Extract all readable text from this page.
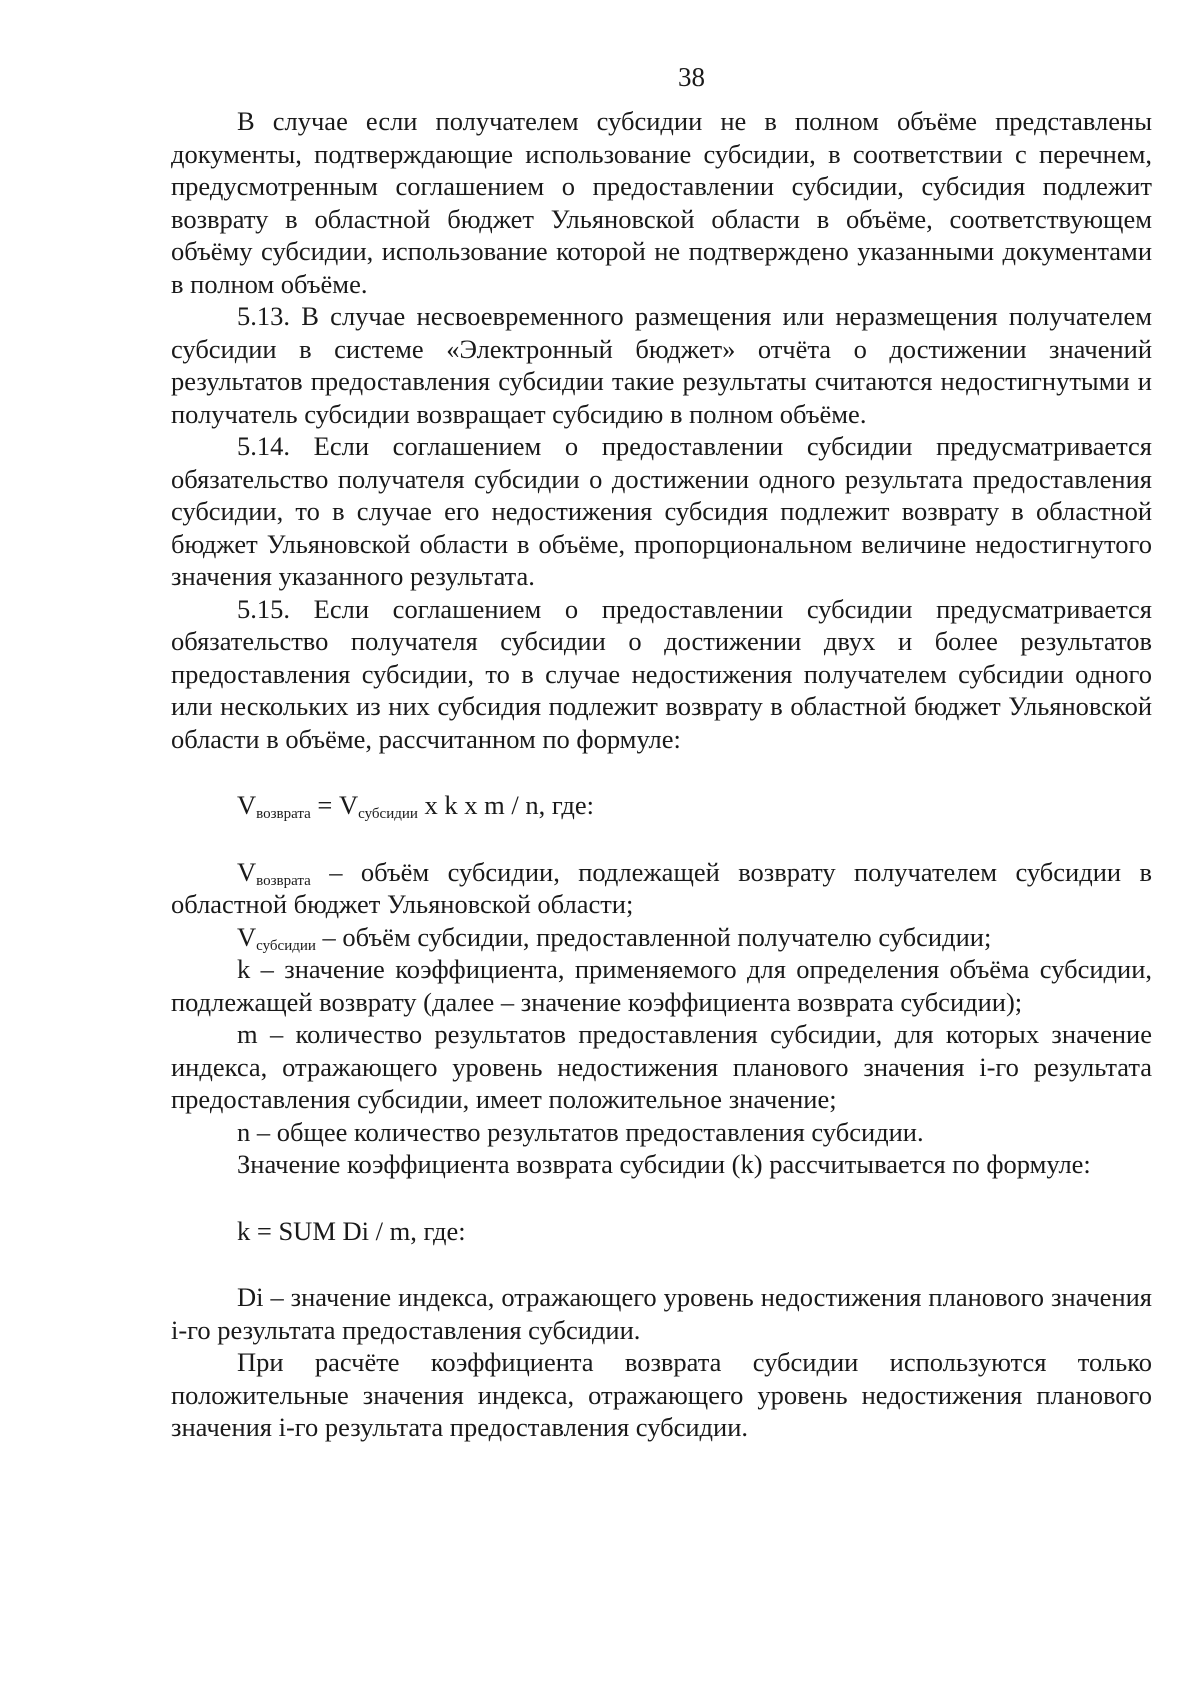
38

В случае если получателем субсидии не в полном объёме представлены документы, подтверждающие использование субсидии, в соответствии с перечнем, предусмотренным соглашением о предоставлении субсидии, субсидия подлежит возврату в областной бюджет Ульяновской области в объёме, соответствующем объёму субсидии, использование которой не подтверждено указанными документами в полном объёме.

5.13. В случае несвоевременного размещения или неразмещения получателем субсидии в системе «Электронный бюджет» отчёта о достижении значений результатов предоставления субсидии такие результаты считаются недостигнутыми и получатель субсидии возвращает субсидию в полном объёме.

5.14. Если соглашением о предоставлении субсидии предусматривается обязательство получателя субсидии о достижении одного результата предоставления субсидии, то в случае его недостижения субсидия подлежит возврату в областной бюджет Ульяновской области в объёме, пропорциональном величине недостигнутого значения указанного результата.

5.15. Если соглашением о предоставлении субсидии предусматривается обязательство получателя субсидии о достижении двух и более результатов предоставления субсидии, то в случае недостижения получателем субсидии одного или нескольких из них субсидия подлежит возврату в областной бюджет Ульяновской области в объёме, рассчитанном по формуле:

$V_{возврата} = V_{субсидии}$ x k x m / n, где:

$V_{возврата}$ – объём субсидии, подлежащей возврату получателем субсидии в областной бюджет Ульяновской области;

$V_{субсидии}$ – объём субсидии, предоставленной получателю субсидии;

k – значение коэффициента, применяемого для определения объёма субсидии, подлежащей возврату (далее – значение коэффициента возврата субсидии);

m – количество результатов предоставления субсидии, для которых значение индекса, отражающего уровень недостижения планового значения i-го результата предоставления субсидии, имеет положительное значение;

n – общее количество результатов предоставления субсидии.

Значение коэффициента возврата субсидии (k) рассчитывается по формуле:

k = SUM Di / m, где:

Di – значение индекса, отражающего уровень недостижения планового значения i-го результата предоставления субсидии.

При расчёте коэффициента возврата субсидии используются только положительные значения индекса, отражающего уровень недостижения планового значения i-го результата предоставления субсидии.
